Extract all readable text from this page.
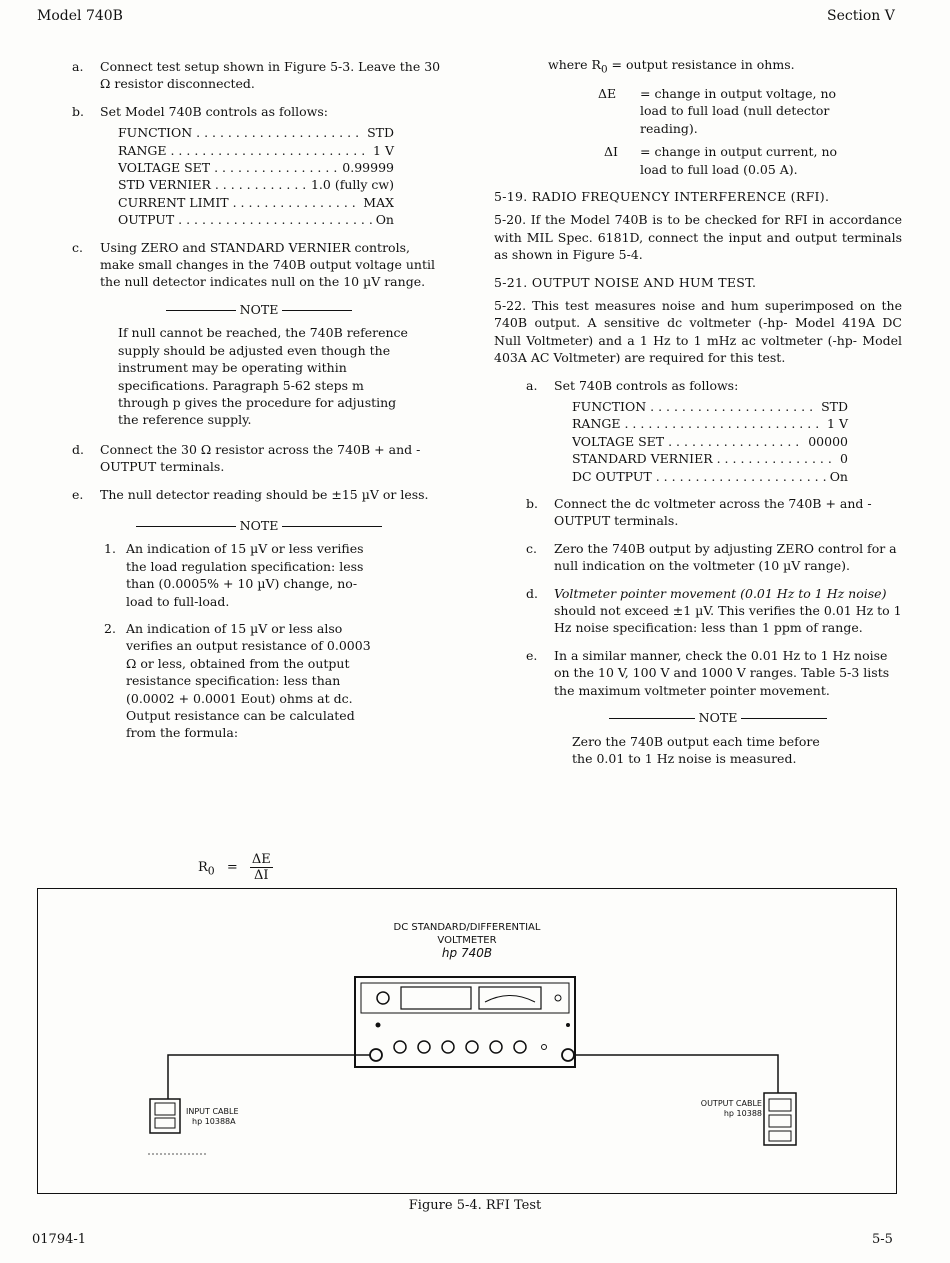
Model 740B	Section V
a. Connect test setup shown in Figure 5-3. Leave the 30 Ω resistor disconnected.
b. Set Model 740B controls as follows:
FUNCTION . . .	STD
RANGE . . .	1 V
VOLTAGE SET . . .	0.99999
STD VERNIER . . .	1.0 (fully cw)
CURRENT LIMIT . . .	MAX
OUTPUT . . .	On
c. Using ZERO and STANDARD VERNIER controls, make small changes in the 740B output voltage until the null detector indicates null on the 10 µV range.
NOTE
If null cannot be reached, the 740B reference supply should be adjusted even though the instrument may be operating within specifications. Paragraph 5-62 steps m through p gives the procedure for adjusting the reference supply.
d. Connect the 30 Ω resistor across the 740B + and - OUTPUT terminals.
e. The null detector reading should be ±15 µV or less.
NOTE
1. An indication of 15 µV or less verifies the load regulation specification: less than (0.0005% + 10 µV) change, no-load to full-load.
2. An indication of 15 µV or less also verifies an output resistance of 0.0003 Ω or less, obtained from the output resistance specification: less than (0.0002 + 0.0001 Eout) ohms at dc. Output resistance can be calculated from the formula:
$R_0 = \frac{\Delta E}{\Delta I}$
where $R_0$ = output resistance in ohms.
ΔE = change in output voltage, no load to full load (null detector reading).
ΔI = change in output current, no load to full load (0.05 A).
5-19. RADIO FREQUENCY INTERFERENCE (RFI).
5-20. If the Model 740B is to be checked for RFI in accordance with MIL Spec. 6181D, connect the input and output terminals as shown in Figure 5-4.
5-21. OUTPUT NOISE AND HUM TEST.
5-22. This test measures noise and hum superimposed on the 740B output. A sensitive dc voltmeter (-hp- Model 419A DC Null Voltmeter) and a 1 Hz to 1 mHz ac voltmeter (-hp- Model 403A AC Voltmeter) are required for this test.
a. Set 740B controls as follows:
FUNCTION . . .	STD
RANGE . . .	1 V
VOLTAGE SET . . .	00000
STANDARD VERNIER . . .	0
DC OUTPUT . . .	On
b. Connect the dc voltmeter across the 740B + and - OUTPUT terminals.
c. Zero the 740B output by adjusting ZERO control for a null indication on the voltmeter (10 µV range).
d. Voltmeter pointer movement (0.01 Hz to 1 Hz noise) should not exceed ±1 µV. This verifies the 0.01 Hz to 1 Hz noise specification: less than 1 ppm of range.
e. In a similar manner, check the 0.01 Hz to 1 Hz noise on the 10 V, 100 V and 1000 V ranges. Table 5-3 lists the maximum voltmeter pointer movement.
NOTE
Zero the 740B output each time before the 0.01 to 1 Hz noise is measured.
DC STANDARD/DIFFERENTIAL
VOLTMETER
hp 740B
INPUT CABLE
hp 10388A
OUTPUT CABLE
hp 10388
Figure 5-4. RFI Test
01794-1	5-5
